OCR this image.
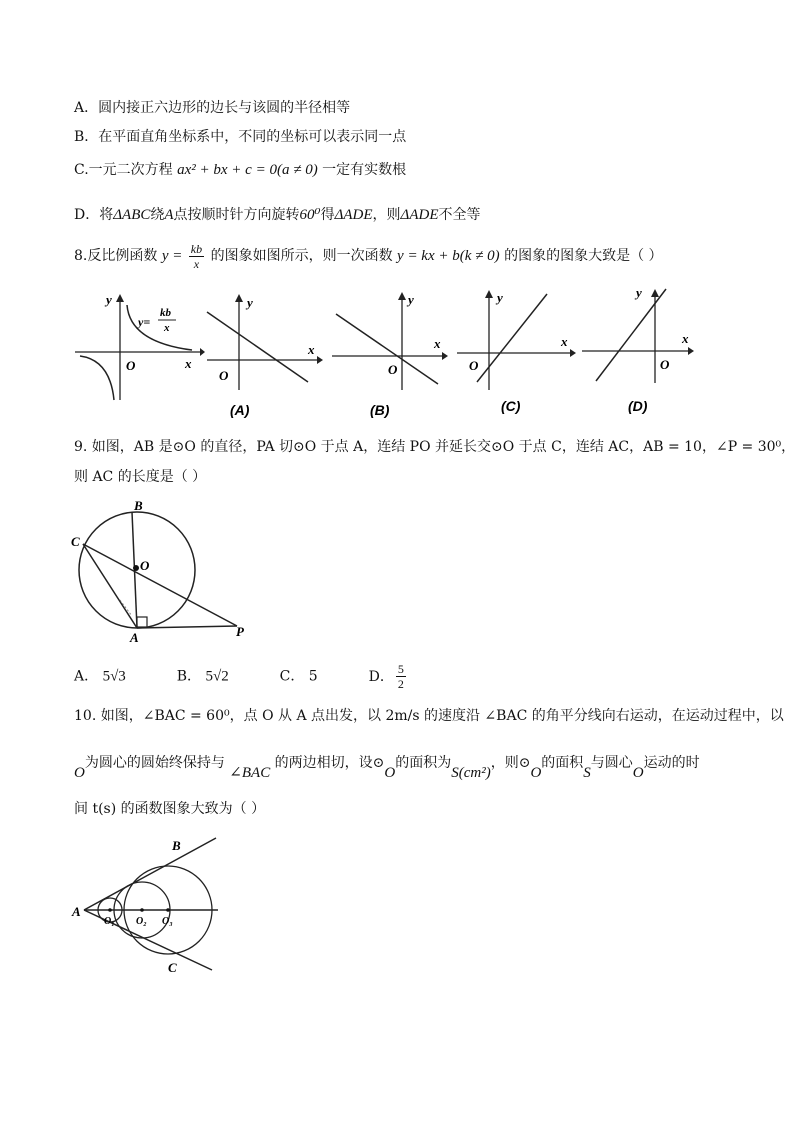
A．圆内接正六边形的边长与该圆的半径相等
B．在平面直角坐标系中，不同的坐标可以表示同一点
C.一元二次方程 ax² + bx + c = 0(a ≠ 0) 一定有实数根
D．将ΔABC绕A点按顺时针方向旋转60⁰得ΔADE，则ΔADE不全等
8.反比例函数 $y = \frac{kb}{x}$ 的图象如图所示，则一次函数 y = kx + b(k ≠ 0) 的图象的图象大致是（ ）
y
O	x
y=
kb
x
y
x
O
(A)
y
x
O
(B)
y
x
O
(C)
y
x
O
(D)
9. 如图，AB 是⊙O 的直径，PA 切⊙O 于点 A，连结 PO 并延长交⊙O 于点 C，连结 AC，AB = 10，∠P = 30⁰，
则 AC 的长度是（ ）
B
C
O
A	P
A． 5√3	B． 5√2	C． 5	D． $\frac{5}{2}$
10. 如图，∠BAC = 60⁰，点 O 从 A 点出发，以 2m/s 的速度沿 ∠BAC 的角平分线向右运动，在运动过程中，以
O为圆心的圆始终保持与 ∠BAC 的两边相切，设⊙O的面积为S(cm²)，则⊙O的面积S与圆心O运动的时
间 t(s) 的函数图象大致为（ ）
B
A
C
O₁ O₂ O₃
